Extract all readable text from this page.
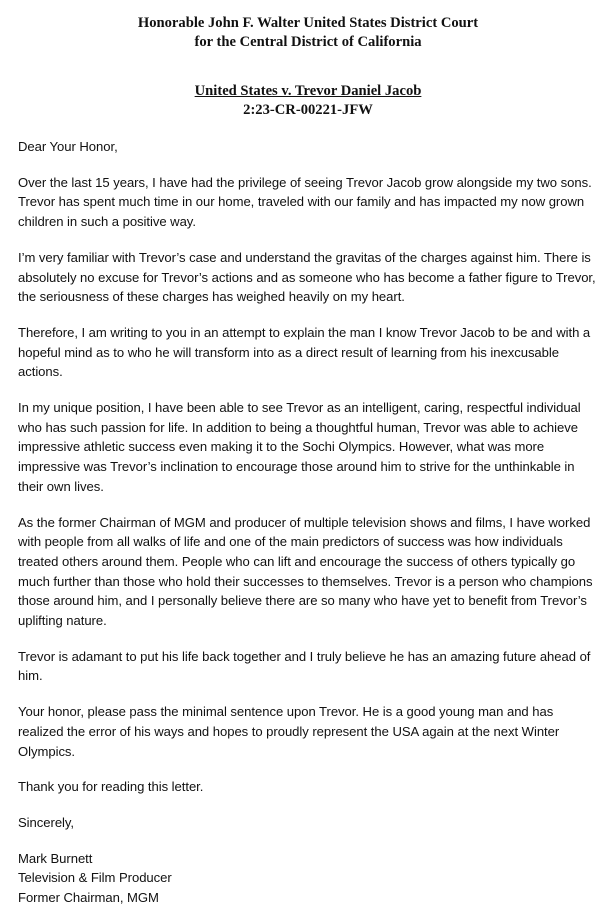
Honorable John F. Walter United States District Court
for the Central District of California
United States v. Trevor Daniel Jacob
2:23-CR-00221-JFW

Dear Your Honor,

Over the last 15 years, I have had the privilege of seeing Trevor Jacob grow alongside my two sons. Trevor has spent much time in our home, traveled with our family and has impacted my now grown children in such a positive way.

I’m very familiar with Trevor’s case and understand the gravitas of the charges against him. There is absolutely no excuse for Trevor’s actions and as someone who has become a father figure to Trevor, the seriousness of these charges has weighed heavily on my heart.

Therefore, I am writing to you in an attempt to explain the man I know Trevor Jacob to be and with a hopeful mind as to who he will transform into as a direct result of learning from his inexcusable actions.

In my unique position, I have been able to see Trevor as an intelligent, caring, respectful individual who has such passion for life. In addition to being a thoughtful human, Trevor was able to achieve impressive athletic success even making it to the Sochi Olympics. However, what was more impressive was Trevor’s inclination to encourage those around him to strive for the unthinkable in their own lives.

As the former Chairman of MGM and producer of multiple television shows and films, I have worked with people from all walks of life and one of the main predictors of success was how individuals treated others around them. People who can lift and encourage the success of others typically go much further than those who hold their successes to themselves. Trevor is a person who champions those around him, and I personally believe there are so many who have yet to benefit from Trevor’s uplifting nature.

Trevor is adamant to put his life back together and I truly believe he has an amazing future ahead of him.

Your honor, please pass the minimal sentence upon Trevor. He is a good young man and has realized the error of his ways and hopes to proudly represent the USA again at the next Winter Olympics.

Thank you for reading this letter.

Sincerely,

Mark Burnett
Television & Film Producer
Former Chairman, MGM
